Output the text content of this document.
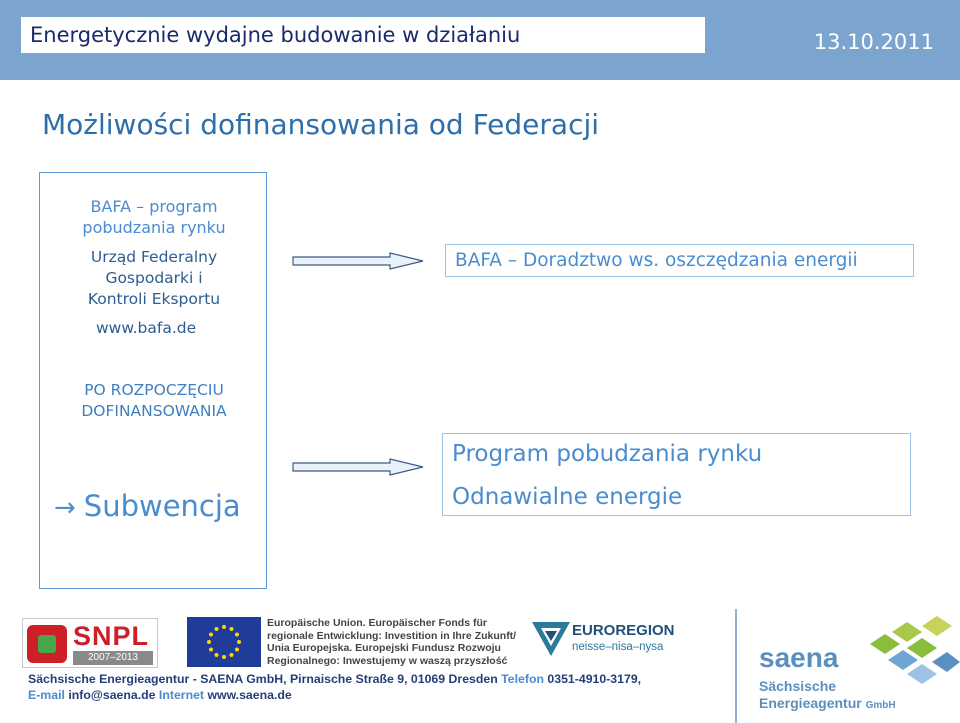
Energetycznie wydajne budowanie w działaniu	13.10.2011
Możliwości dofinansowania od Federacji
BAFA – program pobudzania rynku
Urząd Federalny Gospodarki i Kontroli Eksportu
www.bafa.de
PO ROZPOCZĘCIU DOFINANSOWANIA
→ Subwencja
BAFA – Doradztwo ws. oszczędzania energii
Program pobudzania rynku
Odnawialne energie
SNPL
2007–2013
Europäische Union. Europäischer Fonds für
regionale Entwicklung: Investition in Ihre Zukunft/
Unia Europejska. Europejski Fundusz Rozwoju
Regionalnego: Inwestujemy w waszą przyszłość
EUROREGION
neisse–nisa–nysa
Sächsische Energieagentur - SAENA GmbH, Pirnaische Straße 9, 01069 Dresden Telefon 0351-4910-3179,
E-mail info@saena.de Internet www.saena.de
saena
Sächsische
Energieagentur GmbH
